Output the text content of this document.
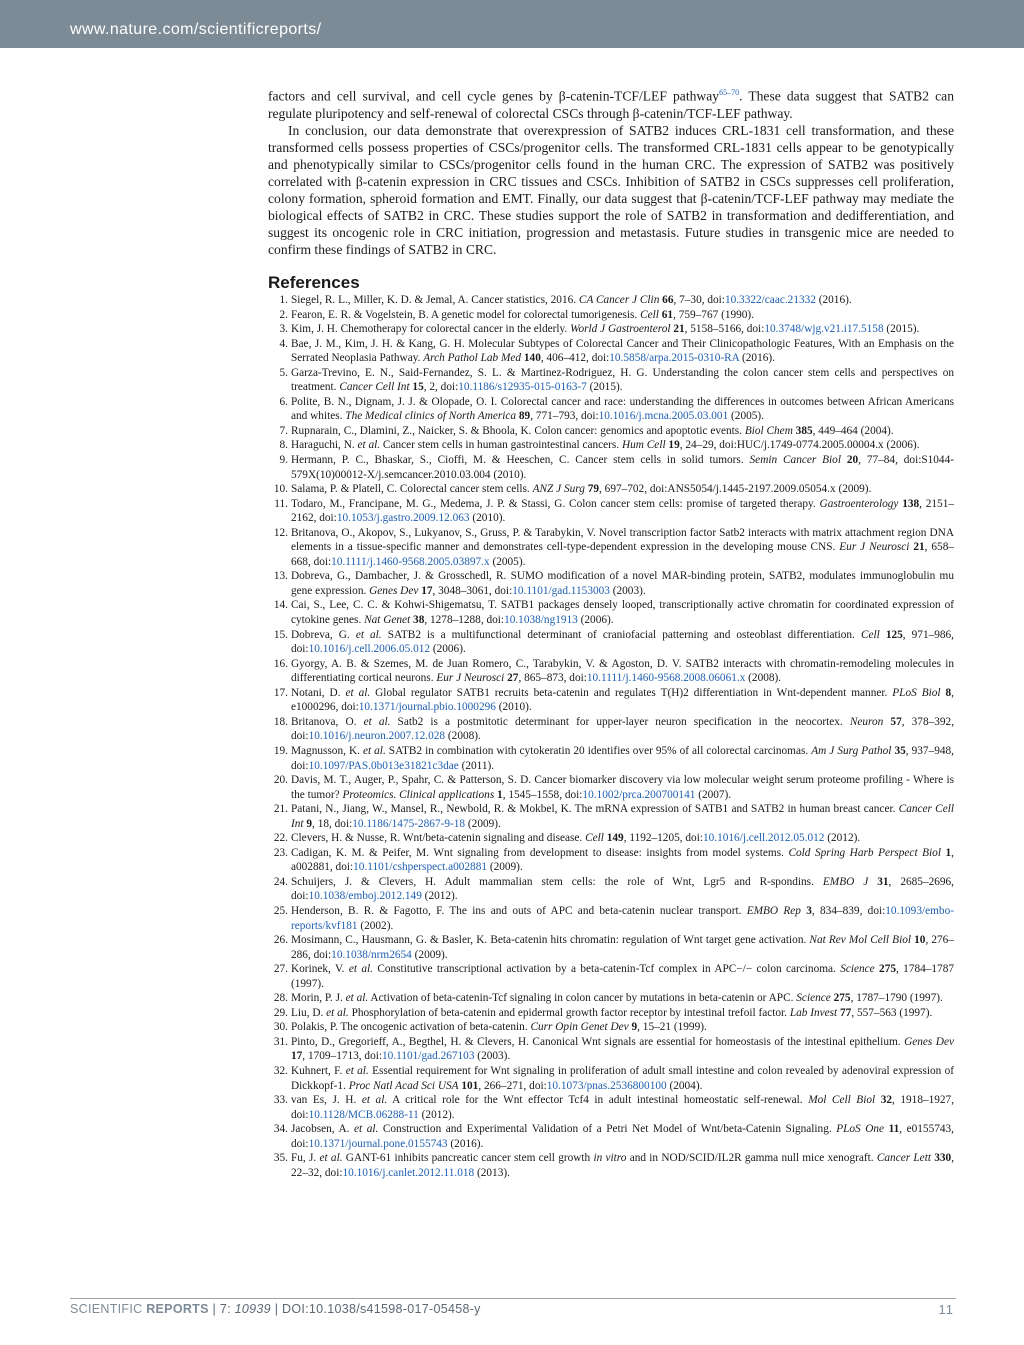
www.nature.com/scientificreports/

factors and cell survival, and cell cycle genes by β-catenin-TCF/LEF pathway$^{65-70}$. These data suggest that SATB2 can regulate pluripotency and self-renewal of colorectal CSCs through β-catenin/TCF-LEF pathway.

In conclusion, our data demonstrate that overexpression of SATB2 induces CRL-1831 cell transformation, and these transformed cells possess properties of CSCs/progenitor cells. The transformed CRL-1831 cells appear to be genotypically and phenotypically similar to CSCs/progenitor cells found in the human CRC. The expression of SATB2 was positively correlated with β-catenin expression in CRC tissues and CSCs. Inhibition of SATB2 in CSCs suppresses cell proliferation, colony formation, spheroid formation and EMT. Finally, our data suggest that β-catenin/TCF-LEF pathway may mediate the biological effects of SATB2 in CRC. These studies support the role of SATB2 in transformation and dedifferentiation, and suggest its oncogenic role in CRC initiation, progression and metastasis. Future studies in transgenic mice are needed to confirm these findings of SATB2 in CRC.

References
1. Siegel, R. L., Miller, K. D. & Jemal, A. Cancer statistics, 2016. CA Cancer J Clin 66, 7–30, doi:10.3322/caac.21332 (2016).
2. Fearon, E. R. & Vogelstein, B. A genetic model for colorectal tumorigenesis. Cell 61, 759–767 (1990).
3. Kim, J. H. Chemotherapy for colorectal cancer in the elderly. World J Gastroenterol 21, 5158–5166, doi:10.3748/wjg.v21.i17.5158 (2015).
4. Bae, J. M., Kim, J. H. & Kang, G. H. Molecular Subtypes of Colorectal Cancer and Their Clinicopathologic Features, With an Emphasis on the Serrated Neoplasia Pathway. Arch Pathol Lab Med 140, 406–412, doi:10.5858/arpa.2015-0310-RA (2016).
5. Garza-Trevino, E. N., Said-Fernandez, S. L. & Martinez-Rodriguez, H. G. Understanding the colon cancer stem cells and perspectives on treatment. Cancer Cell Int 15, 2, doi:10.1186/s12935-015-0163-7 (2015).
6. Polite, B. N., Dignam, J. J. & Olopade, O. I. Colorectal cancer and race: understanding the differences in outcomes between African Americans and whites. The Medical clinics of North America 89, 771–793, doi:10.1016/j.mcna.2005.03.001 (2005).
7. Rupnarain, C., Dlamini, Z., Naicker, S. & Bhoola, K. Colon cancer: genomics and apoptotic events. Biol Chem 385, 449–464 (2004).
8. Haraguchi, N. et al. Cancer stem cells in human gastrointestinal cancers. Hum Cell 19, 24–29, doi:HUC/j.1749-0774.2005.00004.x (2006).
9. Hermann, P. C., Bhaskar, S., Cioffi, M. & Heeschen, C. Cancer stem cells in solid tumors. Semin Cancer Biol 20, 77–84, doi:S1044-579X(10)00012-X/j.semcancer.2010.03.004 (2010).
10. Salama, P. & Platell, C. Colorectal cancer stem cells. ANZ J Surg 79, 697–702, doi:ANS5054/j.1445-2197.2009.05054.x (2009).
11. Todaro, M., Francipane, M. G., Medema, J. P. & Stassi, G. Colon cancer stem cells: promise of targeted therapy. Gastroenterology 138, 2151–2162, doi:10.1053/j.gastro.2009.12.063 (2010).
12. Britanova, O., Akopov, S., Lukyanov, S., Gruss, P. & Tarabykin, V. Novel transcription factor Satb2 interacts with matrix attachment region DNA elements in a tissue-specific manner and demonstrates cell-type-dependent expression in the developing mouse CNS. Eur J Neurosci 21, 658–668, doi:10.1111/j.1460-9568.2005.03897.x (2005).
13. Dobreva, G., Dambacher, J. & Grosschedl, R. SUMO modification of a novel MAR-binding protein, SATB2, modulates immunoglobulin mu gene expression. Genes Dev 17, 3048–3061, doi:10.1101/gad.1153003 (2003).
14. Cai, S., Lee, C. C. & Kohwi-Shigematsu, T. SATB1 packages densely looped, transcriptionally active chromatin for coordinated expression of cytokine genes. Nat Genet 38, 1278–1288, doi:10.1038/ng1913 (2006).
15. Dobreva, G. et al. SATB2 is a multifunctional determinant of craniofacial patterning and osteoblast differentiation. Cell 125, 971–986, doi:10.1016/j.cell.2006.05.012 (2006).
16. Gyorgy, A. B. & Szemes, M. de Juan Romero, C., Tarabykin, V. & Agoston, D. V. SATB2 interacts with chromatin-remodeling molecules in differentiating cortical neurons. Eur J Neurosci 27, 865–873, doi:10.1111/j.1460-9568.2008.06061.x (2008).
17. Notani, D. et al. Global regulator SATB1 recruits beta-catenin and regulates T(H)2 differentiation in Wnt-dependent manner. PLoS Biol 8, e1000296, doi:10.1371/journal.pbio.1000296 (2010).
18. Britanova, O. et al. Satb2 is a postmitotic determinant for upper-layer neuron specification in the neocortex. Neuron 57, 378–392, doi:10.1016/j.neuron.2007.12.028 (2008).
19. Magnusson, K. et al. SATB2 in combination with cytokeratin 20 identifies over 95% of all colorectal carcinomas. Am J Surg Pathol 35, 937–948, doi:10.1097/PAS.0b013e31821c3dae (2011).
20. Davis, M. T., Auger, P., Spahr, C. & Patterson, S. D. Cancer biomarker discovery via low molecular weight serum proteome profiling - Where is the tumor? Proteomics. Clinical applications 1, 1545–1558, doi:10.1002/prca.200700141 (2007).
21. Patani, N., Jiang, W., Mansel, R., Newbold, R. & Mokbel, K. The mRNA expression of SATB1 and SATB2 in human breast cancer. Cancer Cell Int 9, 18, doi:10.1186/1475-2867-9-18 (2009).
22. Clevers, H. & Nusse, R. Wnt/beta-catenin signaling and disease. Cell 149, 1192–1205, doi:10.1016/j.cell.2012.05.012 (2012).
23. Cadigan, K. M. & Peifer, M. Wnt signaling from development to disease: insights from model systems. Cold Spring Harb Perspect Biol 1, a002881, doi:10.1101/cshperspect.a002881 (2009).
24. Schuijers, J. & Clevers, H. Adult mammalian stem cells: the role of Wnt, Lgr5 and R-spondins. EMBO J 31, 2685–2696, doi:10.1038/emboj.2012.149 (2012).
25. Henderson, B. R. & Fagotto, F. The ins and outs of APC and beta-catenin nuclear transport. EMBO Rep 3, 834–839, doi:10.1093/embo-reports/kvf181 (2002).
26. Mosimann, C., Hausmann, G. & Basler, K. Beta-catenin hits chromatin: regulation of Wnt target gene activation. Nat Rev Mol Cell Biol 10, 276–286, doi:10.1038/nrm2654 (2009).
27. Korinek, V. et al. Constitutive transcriptional activation by a beta-catenin-Tcf complex in APC−/− colon carcinoma. Science 275, 1784–1787 (1997).
28. Morin, P. J. et al. Activation of beta-catenin-Tcf signaling in colon cancer by mutations in beta-catenin or APC. Science 275, 1787–1790 (1997).
29. Liu, D. et al. Phosphorylation of beta-catenin and epidermal growth factor receptor by intestinal trefoil factor. Lab Invest 77, 557–563 (1997).
30. Polakis, P. The oncogenic activation of beta-catenin. Curr Opin Genet Dev 9, 15–21 (1999).
31. Pinto, D., Gregorieff, A., Begthel, H. & Clevers, H. Canonical Wnt signals are essential for homeostasis of the intestinal epithelium. Genes Dev 17, 1709–1713, doi:10.1101/gad.267103 (2003).
32. Kuhnert, F. et al. Essential requirement for Wnt signaling in proliferation of adult small intestine and colon revealed by adenoviral expression of Dickkopf-1. Proc Natl Acad Sci USA 101, 266–271, doi:10.1073/pnas.2536800100 (2004).
33. van Es, J. H. et al. A critical role for the Wnt effector Tcf4 in adult intestinal homeostatic self-renewal. Mol Cell Biol 32, 1918–1927, doi:10.1128/MCB.06288-11 (2012).
34. Jacobsen, A. et al. Construction and Experimental Validation of a Petri Net Model of Wnt/beta-Catenin Signaling. PLoS One 11, e0155743, doi:10.1371/journal.pone.0155743 (2016).
35. Fu, J. et al. GANT-61 inhibits pancreatic cancer stem cell growth in vitro and in NOD/SCID/IL2R gamma null mice xenograft. Cancer Lett 330, 22–32, doi:10.1016/j.canlet.2012.11.018 (2013).
SCIENTIFIC REPORTS | 7: 10939 | DOI:10.1038/s41598-017-05458-y	11
